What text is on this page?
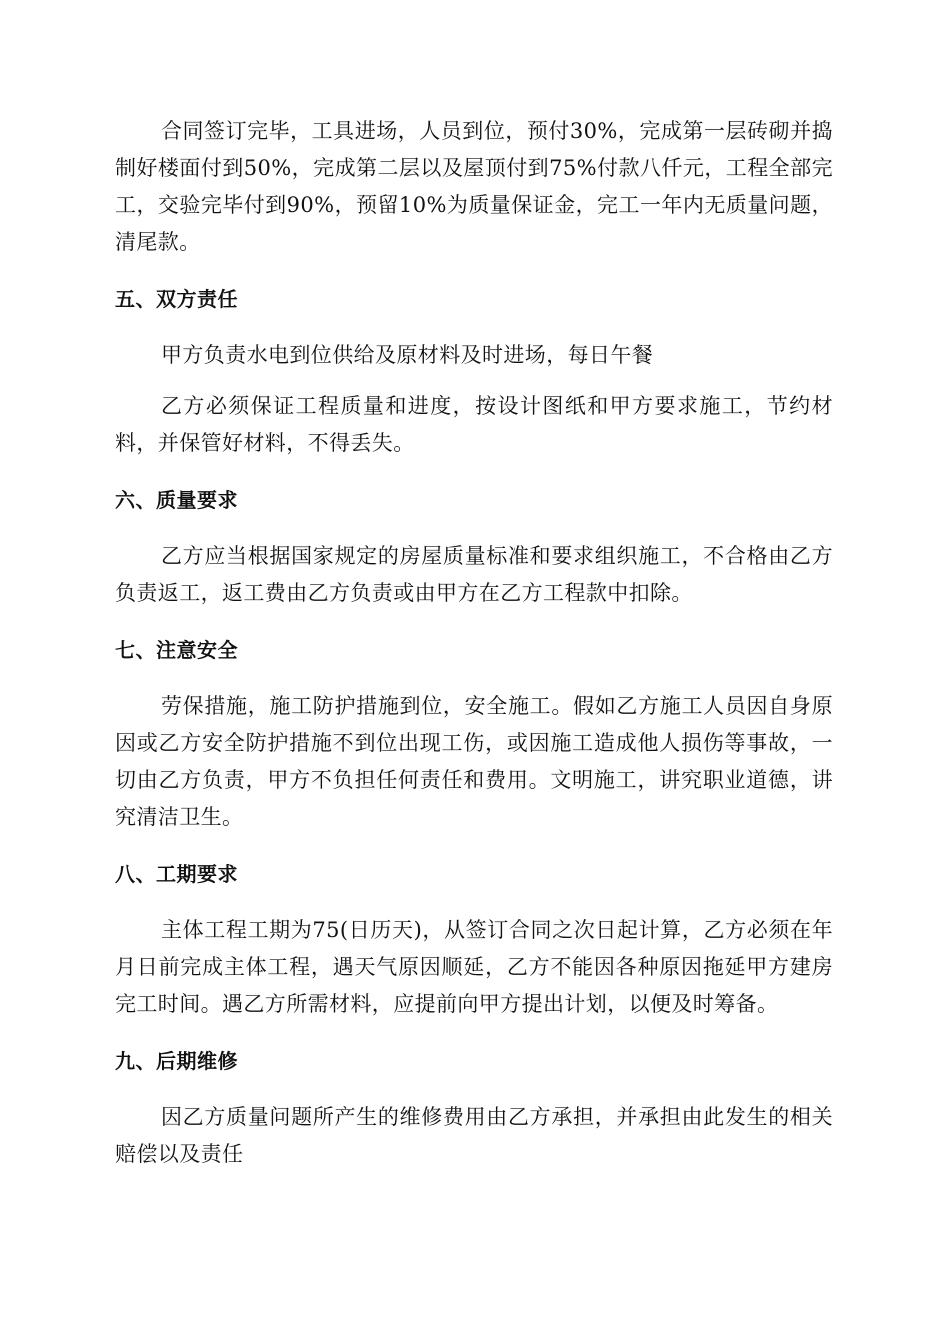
合同签订完毕，工具进场，人员到位，预付30%，完成第一层砖砌并捣制好楼面付到50%，完成第二层以及屋顶付到75%付款八仟元，工程全部完工，交验完毕付到90%，预留10%为质量保证金，完工一年内无质量问题，清尾款。

五、双方责任

甲方负责水电到位供给及原材料及时进场，每日午餐

乙方必须保证工程质量和进度，按设计图纸和甲方要求施工，节约材料，并保管好材料，不得丢失。

六、质量要求

乙方应当根据国家规定的房屋质量标准和要求组织施工，不合格由乙方负责返工，返工费由乙方负责或由甲方在乙方工程款中扣除。

七、注意安全

劳保措施，施工防护措施到位，安全施工。假如乙方施工人员因自身原因或乙方安全防护措施不到位出现工伤，或因施工造成他人损伤等事故，一切由乙方负责，甲方不负担任何责任和费用。文明施工，讲究职业道德，讲究清洁卫生。

八、工期要求

主体工程工期为75(日历天)，从签订合同之次日起计算，乙方必须在年月日前完成主体工程，遇天气原因顺延，乙方不能因各种原因拖延甲方建房完工时间。遇乙方所需材料，应提前向甲方提出计划，以便及时筹备。

九、后期维修

因乙方质量问题所产生的维修费用由乙方承担，并承担由此发生的相关赔偿以及责任
